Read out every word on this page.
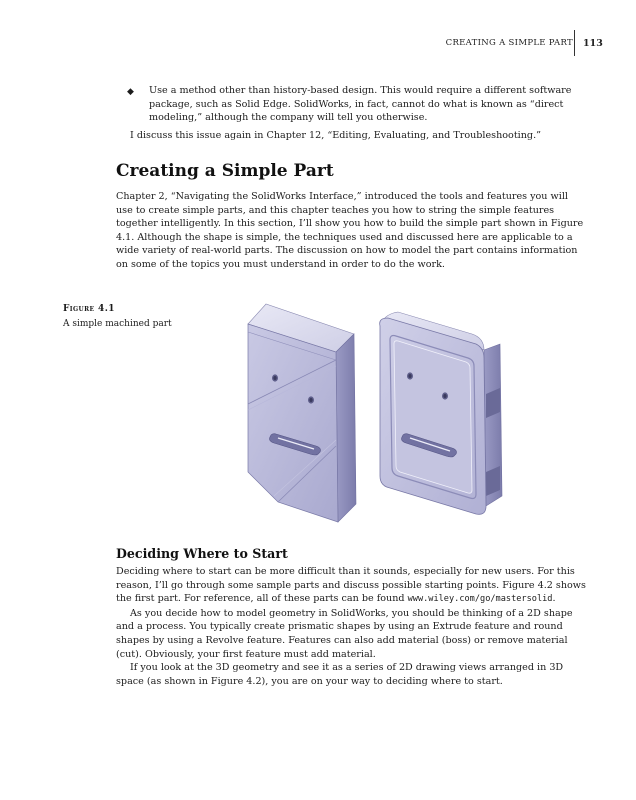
CREATING A SIMPLE PART 113
◆	Use a method other than history-based design. This would require a different software package, such as Solid Edge. SolidWorks, in fact, cannot do what is known as “direct modeling,” although the company will tell you otherwise.

I discuss this issue again in Chapter 12, “Editing, Evaluating, and Troubleshooting.”

Creating a Simple Part

Chapter 2, “Navigating the SolidWorks Interface,” introduced the tools and features you will use to create simple parts, and this chapter teaches you how to string the simple features together intelligently. In this section, I’ll show you how to build the simple part shown in Figure 4.1. Although the shape is simple, the techniques used and discussed here are applicable to a wide variety of real-world parts. The discussion on how to model the part contains information on some of the topics you must understand in order to do the work.

Figure 4.1
A simple machined part
Deciding Where to Start

Deciding where to start can be more difficult than it sounds, especially for new users. For this reason, I’ll go through some sample parts and discuss possible starting points. Figure 4.2 shows the first part. For reference, all of these parts can be found www.wiley.com/go/mastersolid.

As you decide how to model geometry in SolidWorks, you should be thinking of a 2D shape and a process. You typically create prismatic shapes by using an Extrude feature and round shapes by using a Revolve feature. Features can also add material (boss) or remove material (cut). Obviously, your first feature must add material.

If you look at the 3D geometry and see it as a series of 2D drawing views arranged in 3D space (as shown in Figure 4.2), you are on your way to deciding where to start.
